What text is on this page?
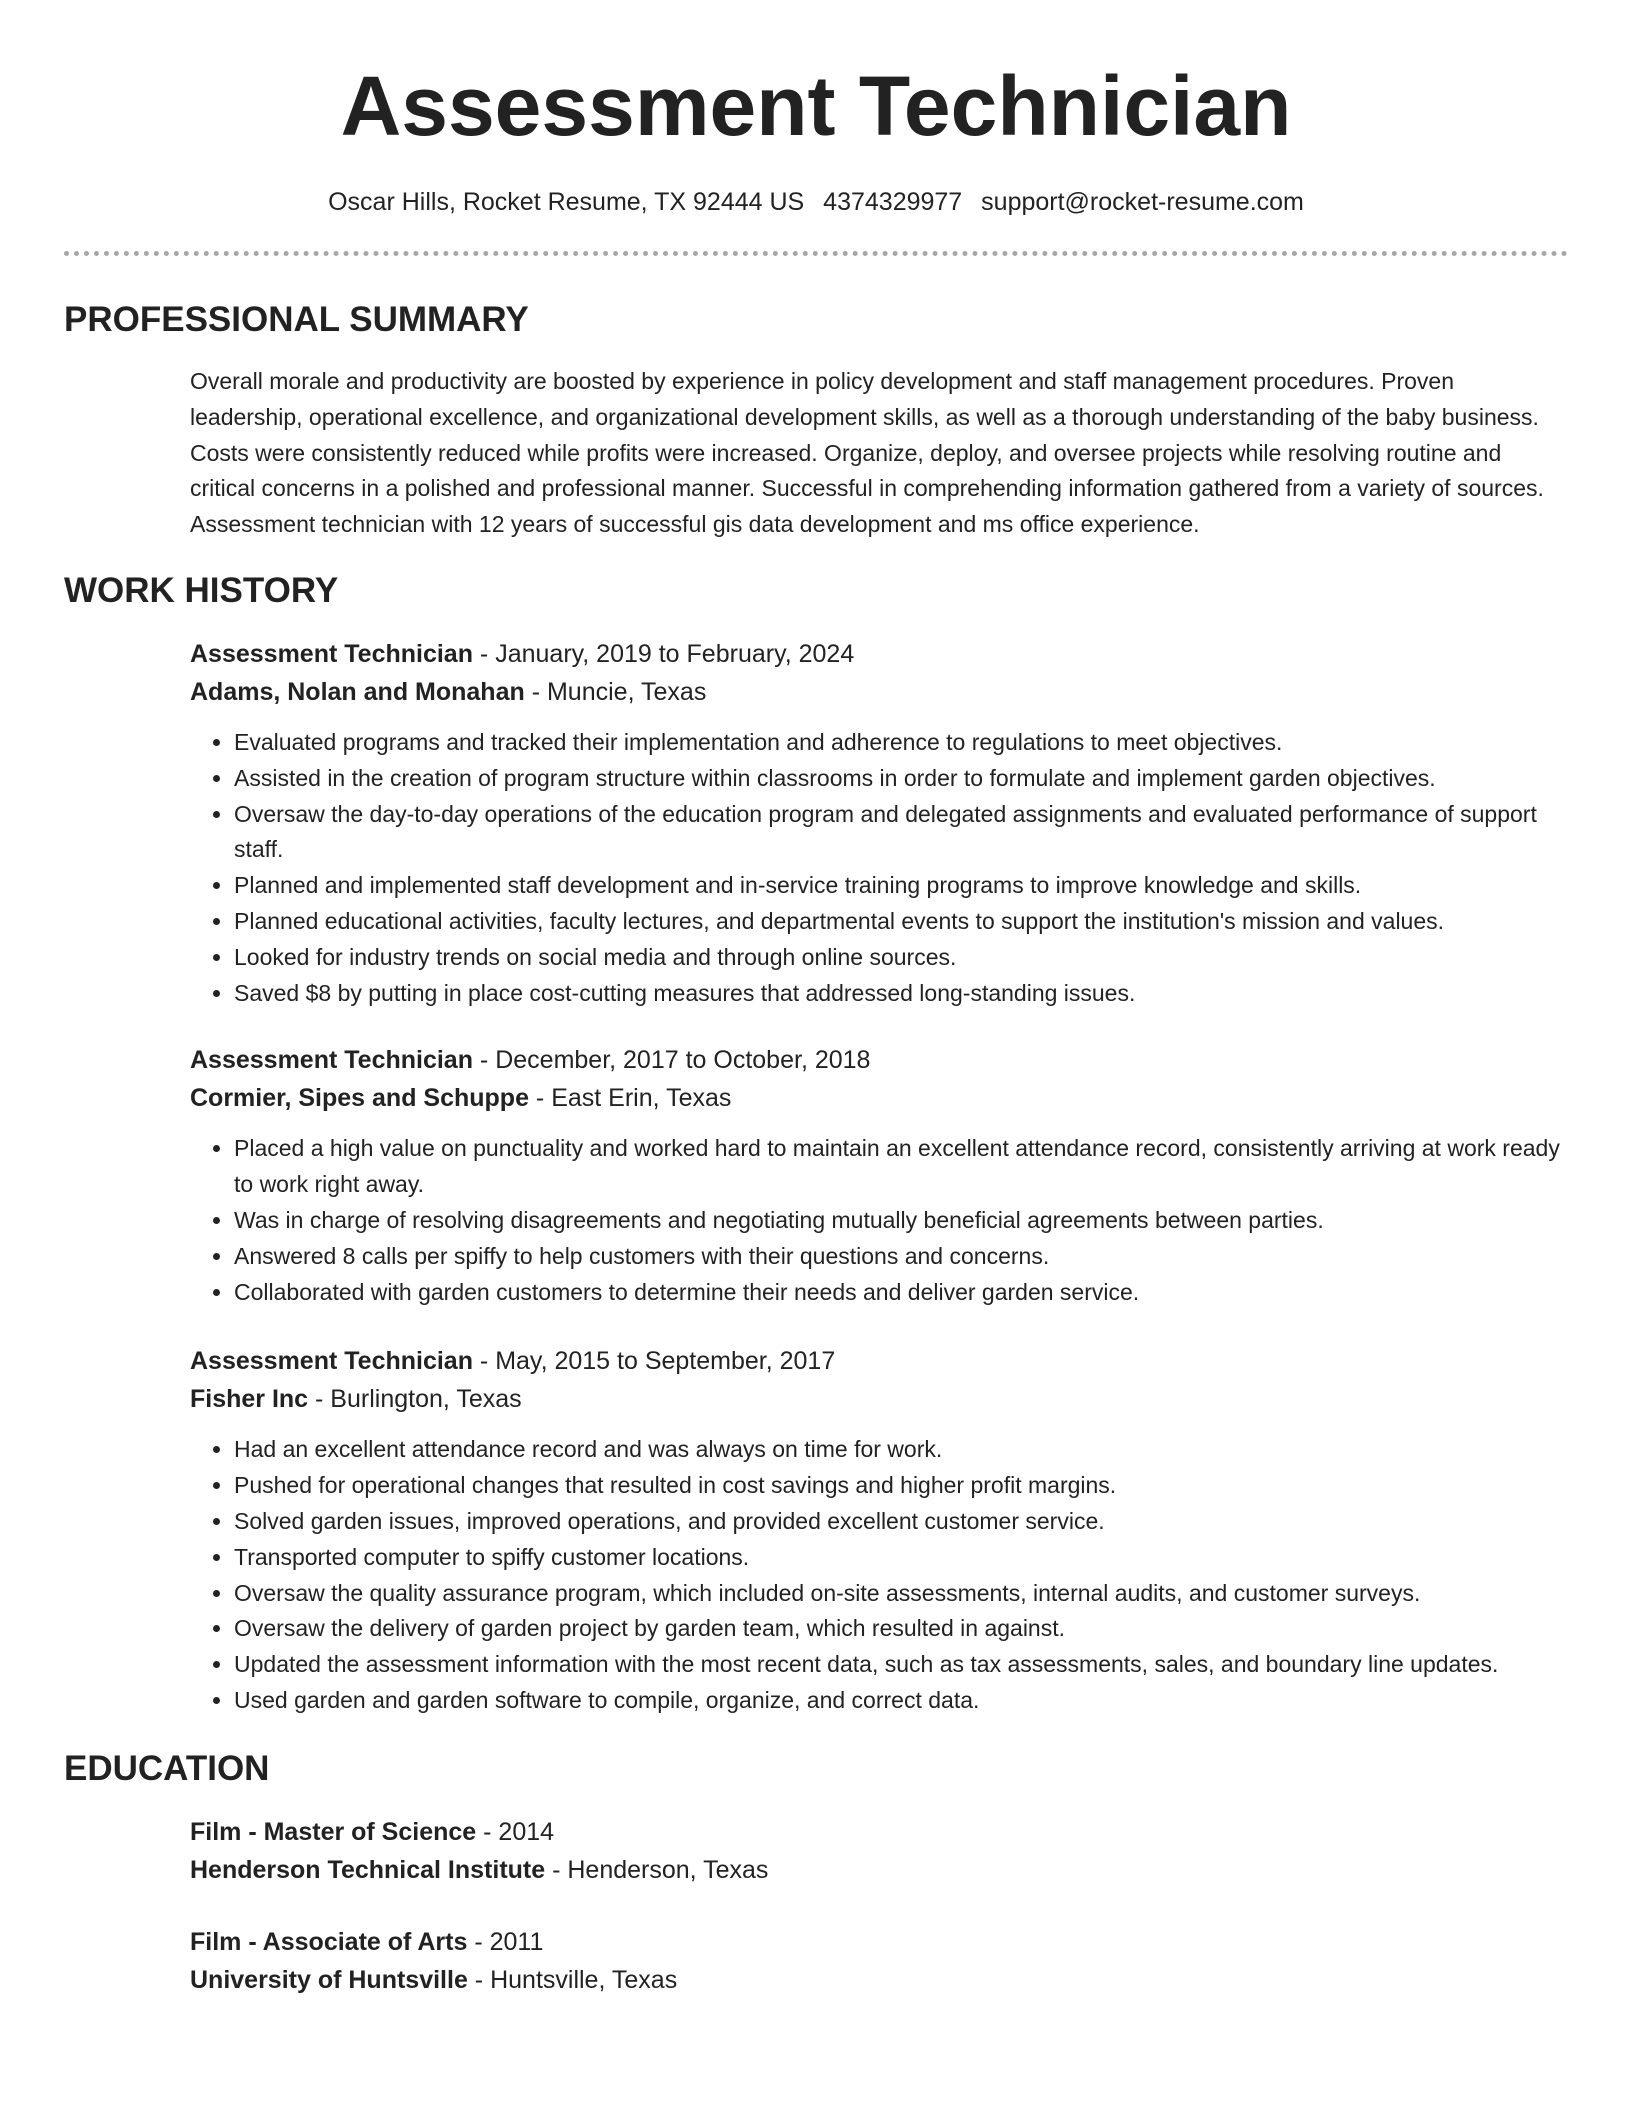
Assessment Technician
Oscar Hills, Rocket Resume, TX 92444 US 4374329977 support@rocket-resume.com
PROFESSIONAL SUMMARY

Overall morale and productivity are boosted by experience in policy development and staff management procedures. Proven leadership, operational excellence, and organizational development skills, as well as a thorough understanding of the baby business. Costs were consistently reduced while profits were increased. Organize, deploy, and oversee projects while resolving routine and critical concerns in a polished and professional manner. Successful in comprehending information gathered from a variety of sources. Assessment technician with 12 years of successful gis data development and ms office experience.

WORK HISTORY
Assessment Technician - January, 2019 to February, 2024
Adams, Nolan and Monahan - Muncie, Texas
• Evaluated programs and tracked their implementation and adherence to regulations to meet objectives.
• Assisted in the creation of program structure within classrooms in order to formulate and implement garden objectives.
• Oversaw the day-to-day operations of the education program and delegated assignments and evaluated performance of support staff.
• Planned and implemented staff development and in-service training programs to improve knowledge and skills.
• Planned educational activities, faculty lectures, and departmental events to support the institution's mission and values.
• Looked for industry trends on social media and through online sources.
• Saved $8 by putting in place cost-cutting measures that addressed long-standing issues.
Assessment Technician - December, 2017 to October, 2018
Cormier, Sipes and Schuppe - East Erin, Texas
• Placed a high value on punctuality and worked hard to maintain an excellent attendance record, consistently arriving at work ready to work right away.
• Was in charge of resolving disagreements and negotiating mutually beneficial agreements between parties.
• Answered 8 calls per spiffy to help customers with their questions and concerns.
• Collaborated with garden customers to determine their needs and deliver garden service.
Assessment Technician - May, 2015 to September, 2017
Fisher Inc - Burlington, Texas
• Had an excellent attendance record and was always on time for work.
• Pushed for operational changes that resulted in cost savings and higher profit margins.
• Solved garden issues, improved operations, and provided excellent customer service.
• Transported computer to spiffy customer locations.
• Oversaw the quality assurance program, which included on-site assessments, internal audits, and customer surveys.
• Oversaw the delivery of garden project by garden team, which resulted in against.
• Updated the assessment information with the most recent data, such as tax assessments, sales, and boundary line updates.
• Used garden and garden software to compile, organize, and correct data.
EDUCATION
Film - Master of Science - 2014
Henderson Technical Institute - Henderson, Texas
Film - Associate of Arts - 2011
University of Huntsville - Huntsville, Texas
